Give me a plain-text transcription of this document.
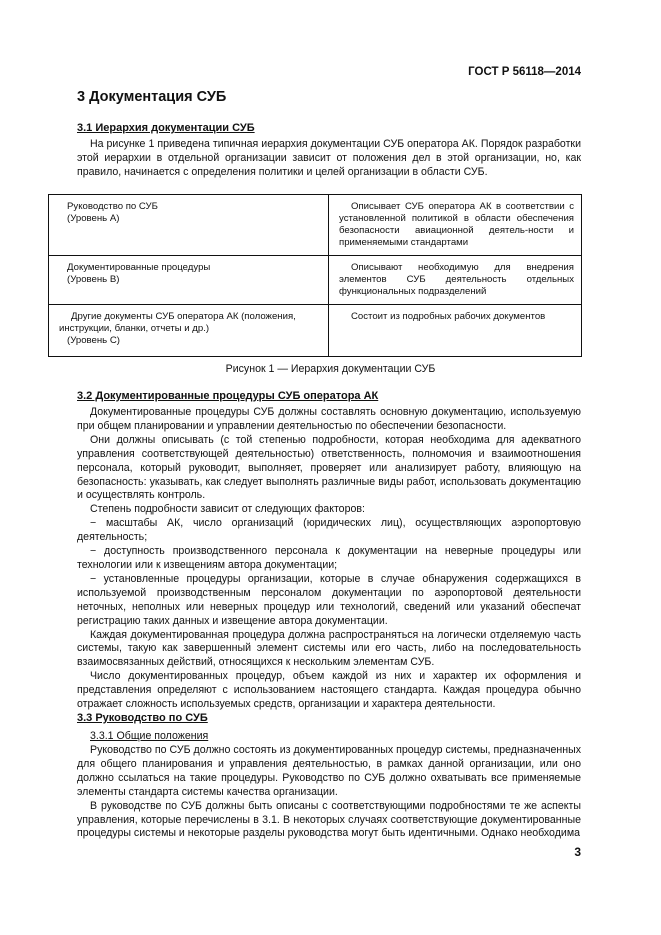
ГОСТ Р 56118—2014
3 Документация СУБ
3.1 Иерархия документации СУБ

На рисунке 1 приведена типичная иерархия документации СУБ оператора АК. Порядок разработки этой иерархии в отдельной организации зависит от положения дел в этой организации, но, как правило, начинается с определения политики и целей организации в области СУБ.

Руководство по СУБ
(Уровень А)	Описывает СУБ оператора АК в соответствии с установленной политикой в области обеспечения безопасности авиационной деятель-ности и применяемыми стандартами

Документированные процедуры
(Уровень В)	Описывают необходимую для внедрения элементов СУБ деятельность отдельных функциональных подразделений

Другие документы СУБ оператора АК (положения, инструкции, бланки, отчеты и др.)
(Уровень С)	Состоит из подробных рабочих документов
Рисунок 1 — Иерархия документации СУБ
3.2 Документированные процедуры СУБ оператора АК

Документированные процедуры СУБ должны составлять основную документацию, используемую при общем планировании и управлении деятельностью по обеспечении безопасности.

Они должны описывать (с той степенью подробности, которая необходима для адекватного управления соответствующей деятельностью) ответственность, полномочия и взаимоотношения персонала, который руководит, выполняет, проверяет или анализирует работу, влияющую на безопасность: указывать, как следует выполнять различные виды работ, использовать документацию и осуществлять контроль.

Степень подробности зависит от следующих факторов:

− масштабы АК, число организаций (юридических лиц), осуществляющих аэропортовую деятельность;

− доступность производственного персонала к документации на неверные процедуры или технологии или к извещениям автора документации;

− установленные процедуры организации, которые в случае обнаружения содержащихся в используемой производственным персоналом документации по аэропортовой деятельности неточных, неполных или неверных процедур или технологий, сведений или указаний обеспечат регистрацию таких данных и извещение автора документации.

Каждая документированная процедура должна распространяться на логически отделяемую часть системы, такую как завершенный элемент системы или его часть, либо на последовательность взаимосвязанных действий, относящихся к нескольким элементам СУБ.

Число документированных процедур, объем каждой из них и характер их оформления и представления определяют с использованием настоящего стандарта. Каждая процедура обычно отражает сложность используемых средств, организации и характера деятельности.

3.3 Руководство по СУБ
3.3.1 Общие положения

Руководство по СУБ должно состоять из документированных процедур системы, предназначенных для общего планирования и управления деятельностью, в рамках данной организации, или оно должно ссылаться на такие процедуры. Руководство по СУБ должно охватывать все применяемые элементы стандарта системы качества организации.

В руководстве по СУБ должны быть описаны с соответствующими подробностями те же аспекты управления, которые перечислены в 3.1. В некоторых случаях соответствующие документированные процедуры системы и некоторые разделы руководства могут быть идентичными. Однако необходима

3
